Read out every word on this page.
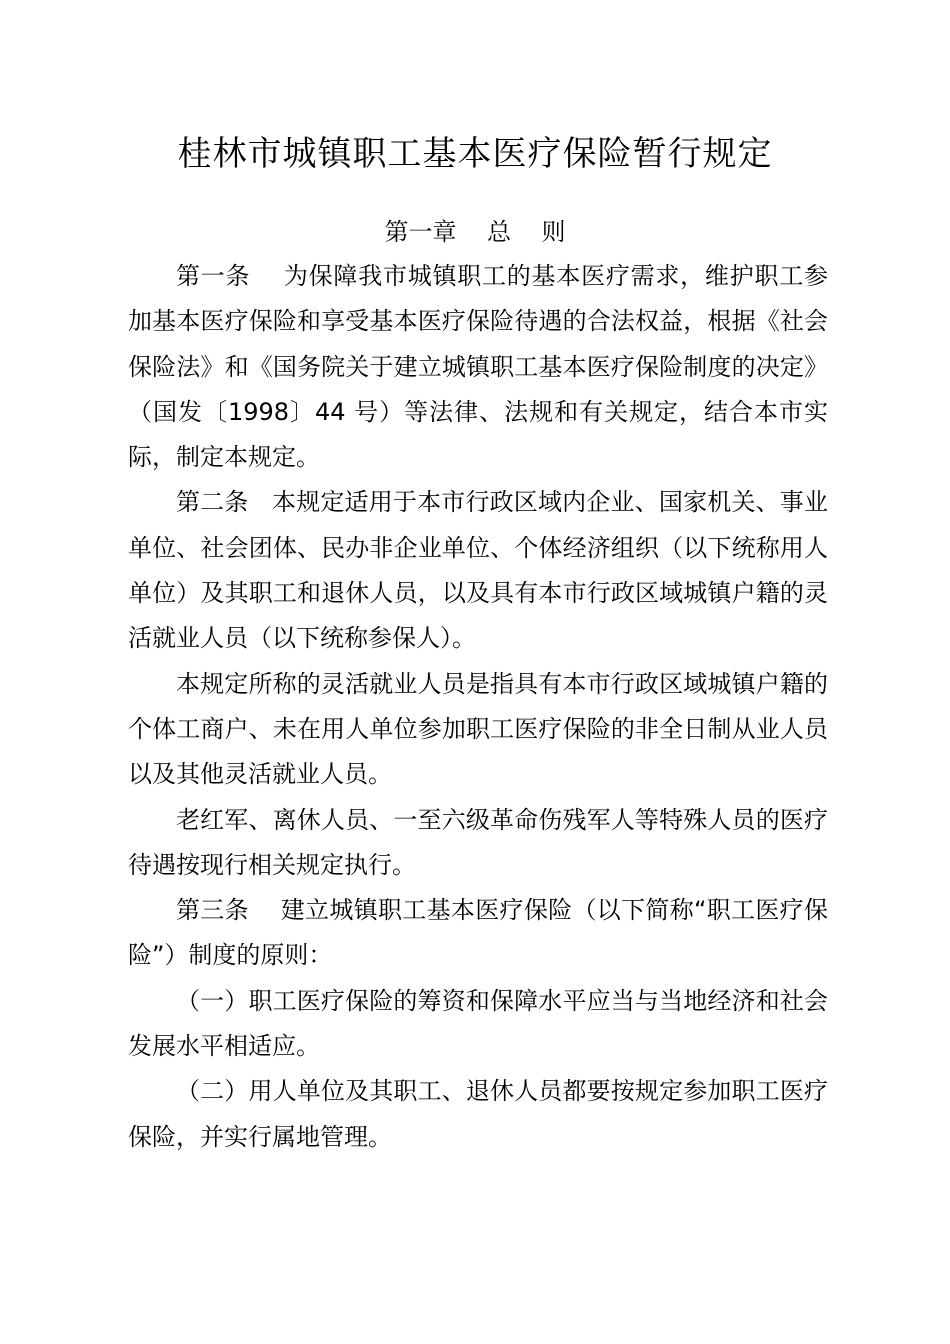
桂林市城镇职工基本医疗保险暂行规定
第一章    总    则

第一条    为保障我市城镇职工的基本医疗需求，维护职工参加基本医疗保险和享受基本医疗保险待遇的合法权益，根据《社会保险法》和《国务院关于建立城镇职工基本医疗保险制度的决定》（国发〔1998〕44 号）等法律、法规和有关规定，结合本市实际，制定本规定。

第二条   本规定适用于本市行政区域内企业、国家机关、事业单位、社会团体、民办非企业单位、个体经济组织（以下统称用人单位）及其职工和退休人员，以及具有本市行政区域城镇户籍的灵活就业人员（以下统称参保人）。

本规定所称的灵活就业人员是指具有本市行政区域城镇户籍的个体工商户、未在用人单位参加职工医疗保险的非全日制从业人员以及其他灵活就业人员。

老红军、离休人员、一至六级革命伤残军人等特殊人员的医疗待遇按现行相关规定执行。

第三条    建立城镇职工基本医疗保险（以下简称“职工医疗保险”）制度的原则：

（一）职工医疗保险的筹资和保障水平应当与当地经济和社会发展水平相适应。

（二）用人单位及其职工、退休人员都要按规定参加职工医疗保险，并实行属地管理。
